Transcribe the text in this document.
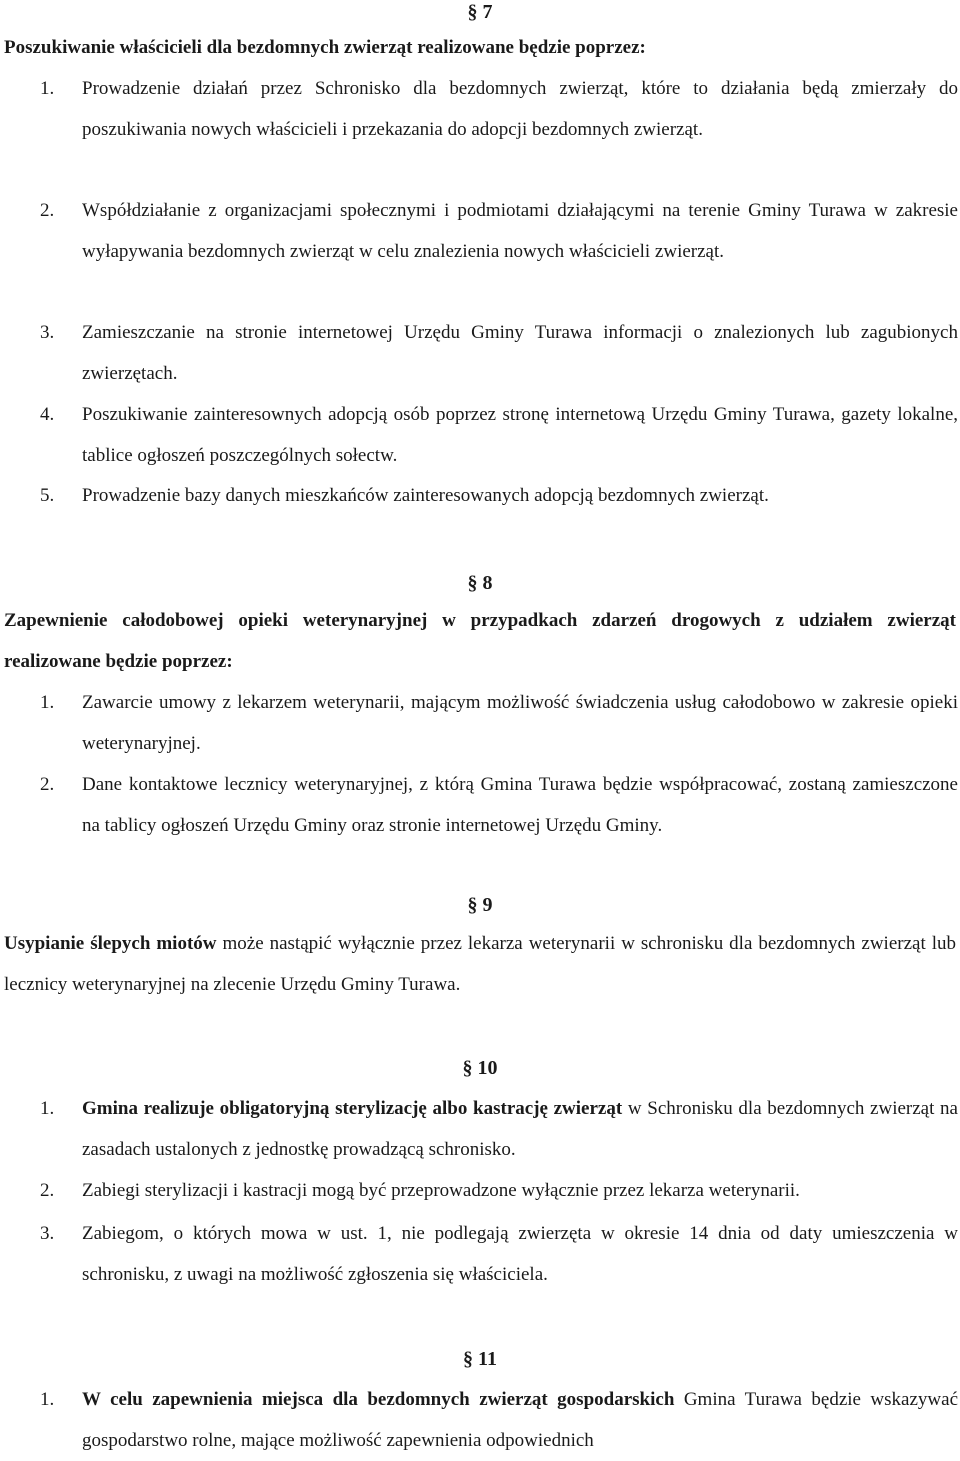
§ 7
Poszukiwanie właścicieli dla bezdomnych zwierząt realizowane będzie poprzez:
1. Prowadzenie działań przez Schronisko dla bezdomnych zwierząt, które to działania będą zmierzały do poszukiwania nowych właścicieli i przekazania do adopcji bezdomnych zwierząt.
2. Współdziałanie z organizacjami społecznymi i podmiotami działającymi na terenie Gminy Turawa w zakresie wyłapywania bezdomnych zwierząt w celu znalezienia nowych właścicieli zwierząt.
3. Zamieszczanie na stronie internetowej Urzędu Gminy Turawa informacji o znalezionych lub zagubionych zwierzętach.
4. Poszukiwanie zainteresownych adopcją osób poprzez stronę internetową Urzędu Gminy Turawa, gazety lokalne, tablice ogłoszeń poszczególnych sołectw.
5. Prowadzenie bazy danych mieszkańców zainteresowanych adopcją bezdomnych zwierząt.
§ 8
Zapewnienie całodobowej opieki weterynaryjnej w przypadkach zdarzeń drogowych z udziałem zwierząt realizowane będzie poprzez:
1. Zawarcie umowy z lekarzem weterynarii, mającym możliwość świadczenia usług całodobowo w zakresie opieki weterynaryjnej.
2. Dane kontaktowe lecznicy weterynaryjnej, z którą Gmina Turawa będzie współpracować, zostaną zamieszczone na tablicy ogłoszeń Urzędu Gminy oraz stronie internetowej Urzędu Gminy.
§ 9
Usypianie ślepych miotów może nastąpić wyłącznie przez lekarza weterynarii w schronisku dla bezdomnych zwierząt lub lecznicy weterynaryjnej na zlecenie Urzędu Gminy Turawa.
§ 10
1. Gmina realizuje obligatoryjną sterylizację albo kastrację zwierząt w Schronisku dla bezdomnych zwierząt na zasadach ustalonych z jednostkę prowadzącą schronisko.
2. Zabiegi sterylizacji i kastracji mogą być przeprowadzone wyłącznie przez lekarza weterynarii.
3. Zabiegom, o których mowa w ust. 1, nie podlegają zwierzęta w okresie 14 dnia od daty umieszczenia w schronisku, z uwagi na możliwość zgłoszenia się właściciela.
§ 11
1. W celu zapewnienia miejsca dla bezdomnych zwierząt gospodarskich Gmina Turawa będzie wskazywać gospodarstwo rolne, mające możliwość zapewnienia odpowiednich
